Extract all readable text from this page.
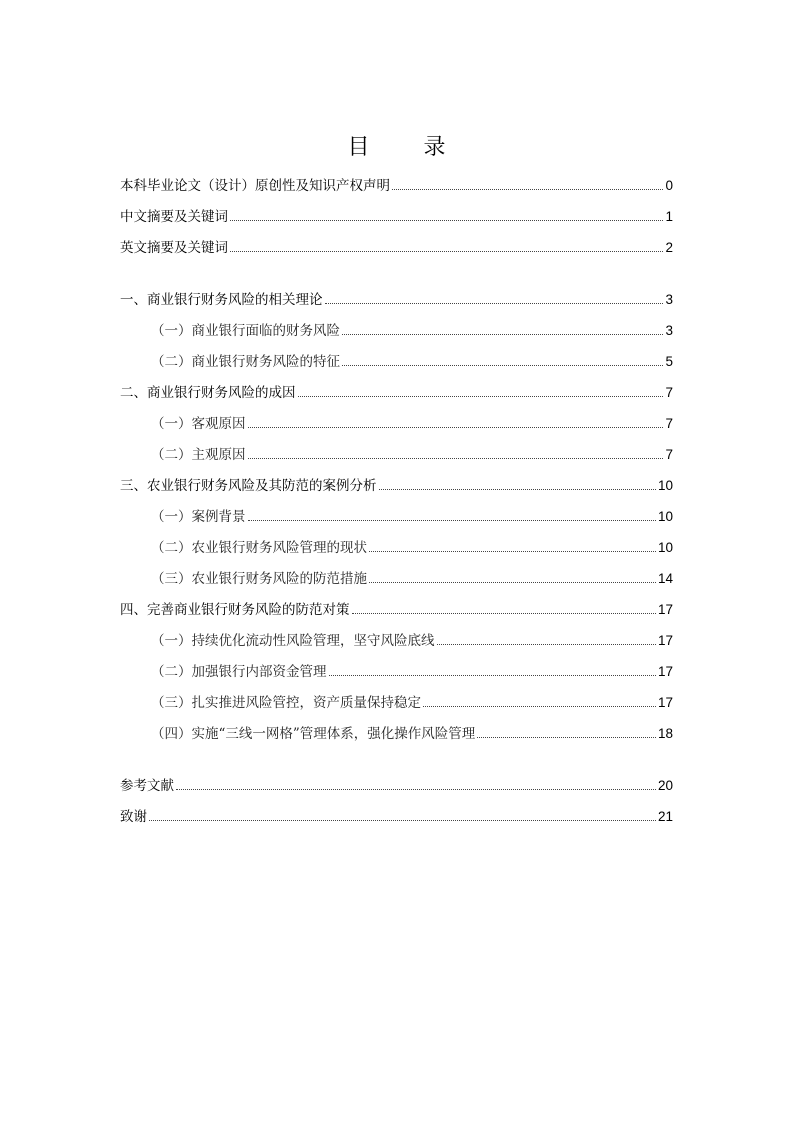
目　录
本科毕业论文（设计）原创性及知识产权声明	0
中文摘要及关键词	1
英文摘要及关键词	2
一、商业银行财务风险的相关理论	3
（一）商业银行面临的财务风险	3
（二）商业银行财务风险的特征	5
二、商业银行财务风险的成因	7
（一）客观原因	7
（二）主观原因	7
三、农业银行财务风险及其防范的案例分析	10
（一）案例背景	10
（二）农业银行财务风险管理的现状	10
（三）农业银行财务风险的防范措施	14
四、完善商业银行财务风险的防范对策	17
（一）持续优化流动性风险管理，坚守风险底线	17
（二）加强银行内部资金管理	17
（三）扎实推进风险管控，资产质量保持稳定	17
（四）实施“三线一网格”管理体系，强化操作风险管理	18
参考文献	20
致谢	21
